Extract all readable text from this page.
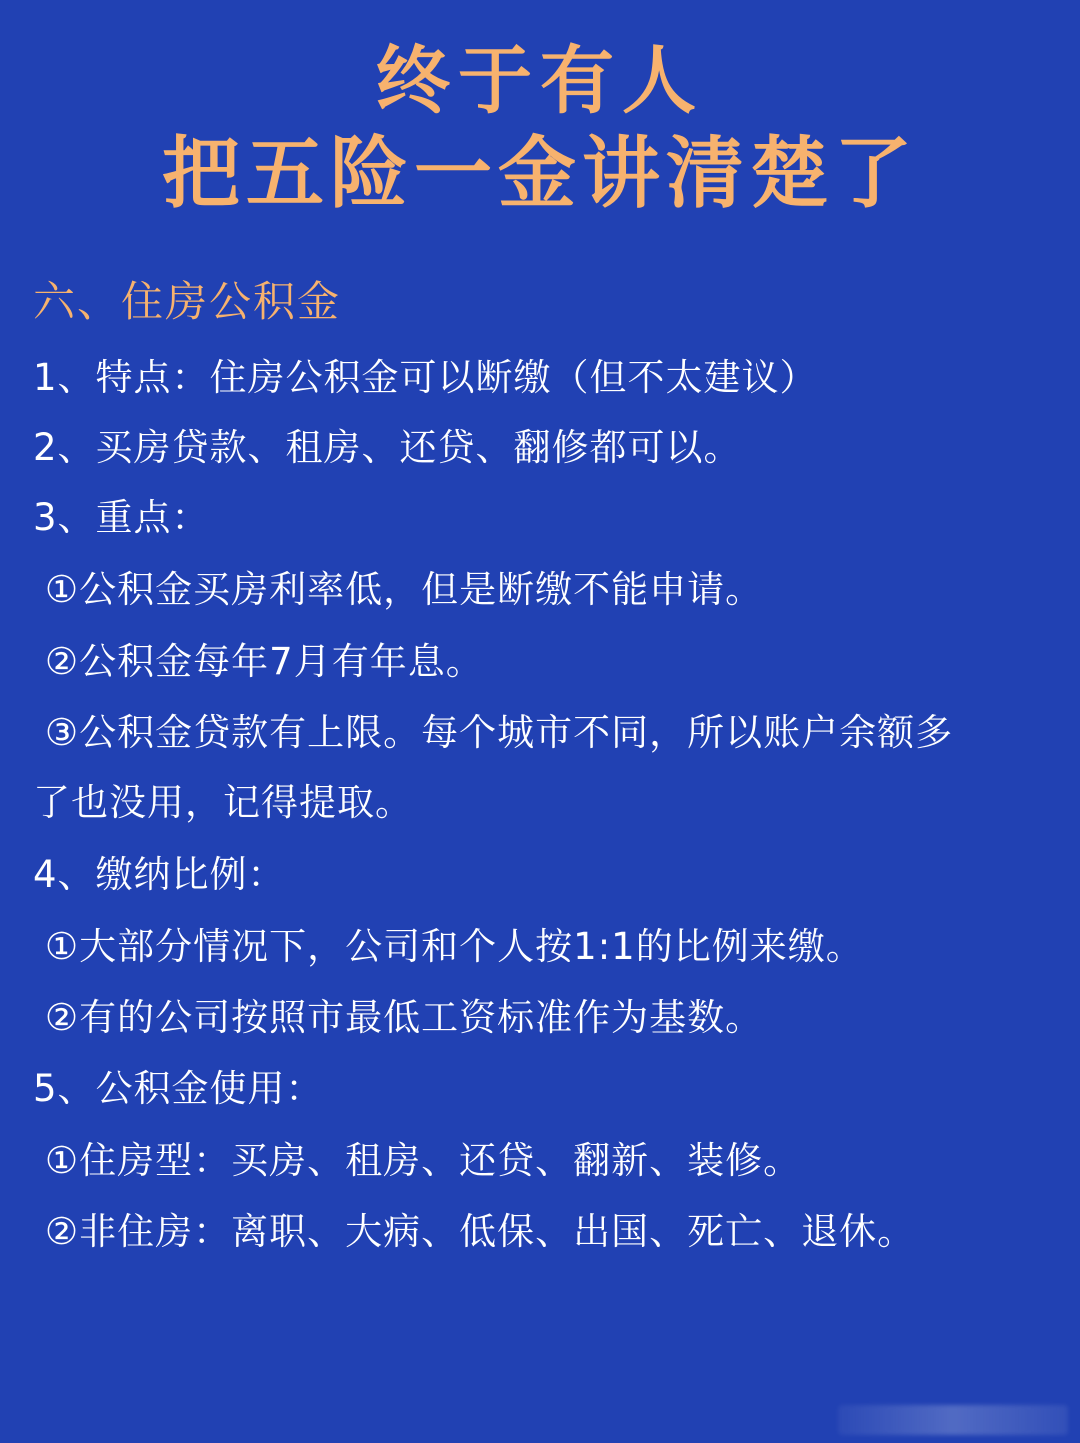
终于有人
把五险一金讲清楚了
六、住房公积金
1、特点：住房公积金可以断缴（但不太建议）
2、买房贷款、租房、还贷、翻修都可以。
3、重点：
①公积金买房利率低，但是断缴不能申请。
②公积金每年7月有年息。
③公积金贷款有上限。每个城市不同，所以账户余额多
了也没用，记得提取。
4、缴纳比例：
①大部分情况下，公司和个人按1:1的比例来缴。
②有的公司按照市最低工资标准作为基数。
5、公积金使用：
①住房型：买房、租房、还贷、翻新、装修。
②非住房：离职、大病、低保、出国、死亡、退休。
